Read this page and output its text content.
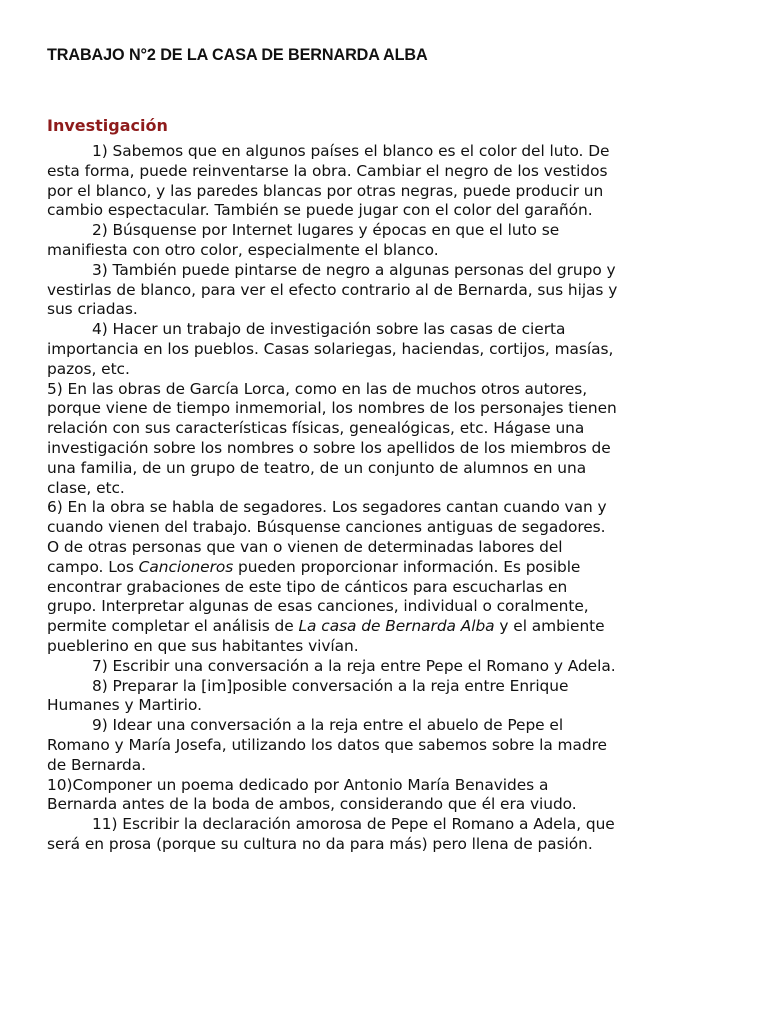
TRABAJO N°2 DE LA CASA DE BERNARDA ALBA
Investigación
1) Sabemos que en algunos países el blanco es el color del luto. De
esta forma, puede reinventarse la obra. Cambiar el negro de los vestidos
por el blanco, y las paredes blancas por otras negras, puede producir un
cambio espectacular. También se puede jugar con el color del garañón.
2) Búsquense por Internet lugares y épocas en que el luto se
manifiesta con otro color, especialmente el blanco.
3) También puede pintarse de negro a algunas personas del grupo y
vestirlas de blanco, para ver el efecto contrario al de Bernarda, sus hijas y
sus criadas.
4) Hacer un trabajo de investigación sobre las casas de cierta
importancia en los pueblos. Casas solariegas, haciendas, cortijos, masías,
pazos, etc.
5) En las obras de García Lorca, como en las de muchos otros autores,
porque viene de tiempo inmemorial, los nombres de los personajes tienen
relación con sus características físicas, genealógicas, etc. Hágase una
investigación sobre los nombres o sobre los apellidos de los miembros de
una familia, de un grupo de teatro, de un conjunto de alumnos en una
clase, etc.
6) En la obra se habla de segadores. Los segadores cantan cuando van y
cuando vienen del trabajo. Búsquense canciones antiguas de segadores.
O de otras personas que van o vienen de determinadas labores del
campo. Los Cancioneros pueden proporcionar información. Es posible
encontrar grabaciones de este tipo de cánticos para escucharlas en
grupo. Interpretar algunas de esas canciones, individual o coralmente,
permite completar el análisis de La casa de Bernarda Alba y el ambiente
pueblerino en que sus habitantes vivían.
7) Escribir una conversación a la reja entre Pepe el Romano y Adela.
8) Preparar la [im]posible conversación a la reja entre Enrique
Humanes y Martirio.
9) Idear una conversación a la reja entre el abuelo de Pepe el
Romano y María Josefa, utilizando los datos que sabemos sobre la madre
de Bernarda.
10)Componer un poema dedicado por Antonio María Benavides a
Bernarda antes de la boda de ambos, considerando que él era viudo.
11) Escribir la declaración amorosa de Pepe el Romano a Adela, que
será en prosa (porque su cultura no da para más) pero llena de pasión.
